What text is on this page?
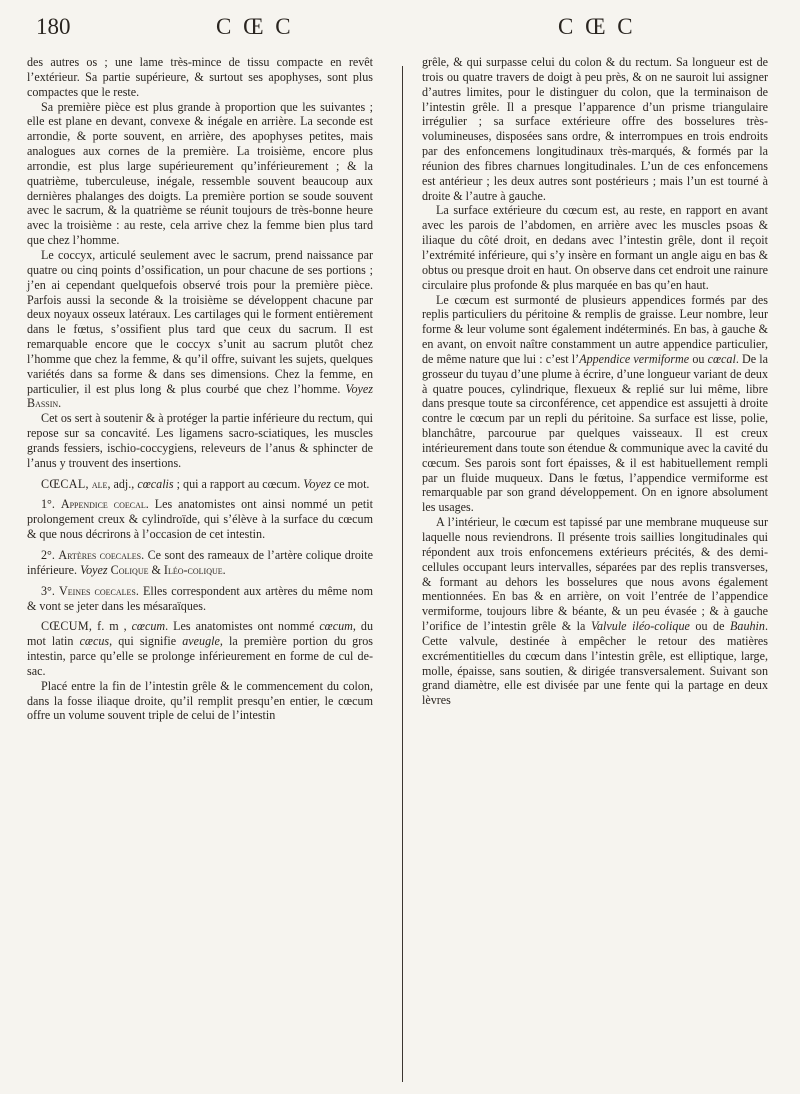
180	C Œ C	C Œ C

des autres os ; une lame très-mince de tissu compacte en revêt l’extérieur. Sa partie supérieure, & surtout ses apophyses, sont plus compactes que le reste.

Sa première pièce est plus grande à proportion que les suivantes ; elle est plane en devant, convexe & inégale en arrière. La seconde est arrondie, & porte souvent, en arrière, des apophyses petites, mais analogues aux cornes de la première. La troisième, encore plus arrondie, est plus large supérieurement qu’inférieurement ; & la quatrième, tuberculeuse, inégale, ressemble souvent beaucoup aux dernières phalanges des doigts. La première portion se soude souvent avec le sacrum, & la quatrième se réunit toujours de très-bonne heure avec la troisième : au reste, cela arrive chez la femme bien plus tard que chez l’homme.

Le coccyx, articulé seulement avec le sacrum, prend naissance par quatre ou cinq points d’ossification, un pour chacune de ses portions ; j’en ai cependant quelquefois observé trois pour la première pièce. Parfois aussi la seconde & la troisième se développent chacune par deux noyaux osseux latéraux. Les cartilages qui le forment entièrement dans le fœtus, s’ossifient plus tard que ceux du sacrum. Il est remarquable encore que le coccyx s’unit au sacrum plutôt chez l’homme que chez la femme, & qu’il offre, suivant les sujets, quelques variétés dans sa forme & dans ses dimensions. Chez la femme, en particulier, il est plus long & plus courbé que chez l’homme. Voyez Bassin.

Cet os sert à soutenir & à protéger la partie inférieure du rectum, qui repose sur sa concavité. Les ligamens sacro-sciatiques, les muscles grands fessiers, ischio-coccygiens, releveurs de l’anus & sphincter de l’anus y trouvent des insertions.

CŒCAL, ale, adj., cœcalis ; qui a rapport au cœcum. Voyez ce mot.

1°. Appendice coecal. Les anatomistes ont ainsi nommé un petit prolongement creux & cylindroïde, qui s’élève à la surface du cœcum & que nous décrirons à l’occasion de cet intestin.

2°. Artères coecales. Ce sont des rameaux de l’artère colique droite inférieure. Voyez Colique & Iléo-colique.

3°. Veines coecales. Elles correspondent aux artères du même nom & vont se jeter dans les mésaraïques.

CŒCUM, f. m , cœcum. Les anatomistes ont nommé cœcum, du mot latin cæcus, qui signifie aveugle, la première portion du gros intestin, parce qu’elle se prolonge inférieurement en forme de cul de-sac.

Placé entre la fin de l’intestin grêle & le commencement du colon, dans la fosse iliaque droite, qu’il remplit presqu’en entier, le cœcum offre un volume souvent triple de celui de l’intestin

grêle, & qui surpasse celui du colon & du rectum. Sa longueur est de trois ou quatre travers de doigt à peu près, & on ne sauroit lui assigner d’autres limites, pour le distinguer du colon, que la terminaison de l’intestin grêle. Il a presque l’apparence d’un prisme triangulaire irrégulier ; sa surface extérieure offre des bosselures très-volumineuses, disposées sans ordre, & interrompues en trois endroits par des enfoncemens longitudinaux très-marqués, & formés par la réunion des fibres charnues longitudinales. L’un de ces enfoncemens est antérieur ; les deux autres sont postérieurs ; mais l’un est tourné à droite & l’autre à gauche.

La surface extérieure du cœcum est, au reste, en rapport en avant avec les parois de l’abdomen, en arrière avec les muscles psoas & iliaque du côté droit, en dedans avec l’intestin grêle, dont il reçoit l’extrémité inférieure, qui s’y insère en formant un angle aigu en bas & obtus ou presque droit en haut. On observe dans cet endroit une rainure circulaire plus profonde & plus marquée en bas qu’en haut.

Le cœcum est surmonté de plusieurs appendices formés par des replis particuliers du péritoine & remplis de graisse. Leur nombre, leur forme & leur volume sont également indéterminés. En bas, à gauche & en avant, on envoit naître constamment un autre appendice particulier, de même nature que lui : c’est l’Appendice vermiforme ou cœcal. De la grosseur du tuyau d’une plume à écrire, d’une longueur variant de deux à quatre pouces, cylindrique, flexueux & replié sur lui même, libre dans presque toute sa circonférence, cet appendice est assujetti à droite contre le cœcum par un repli du péritoine. Sa surface est lisse, polie, blanchâtre, parcourue par quelques vaisseaux. Il est creux intérieurement dans toute son étendue & communique avec la cavité du cœcum. Ses parois sont fort épaisses, & il est habituellement rempli par un fluide muqueux. Dans le fœtus, l’appendice vermiforme est remarquable par son grand développement. On en ignore absolument les usages.

A l’intérieur, le cœcum est tapissé par une membrane muqueuse sur laquelle nous reviendrons. Il présente trois saillies longitudinales qui répondent aux trois enfoncemens extérieurs précités, & des demi-cellules occupant leurs intervalles, séparées par des replis transverses, & formant au dehors les bosselures que nous avons également mentionnées. En bas & en arrière, on voit l’entrée de l’appendice vermiforme, toujours libre & béante, & un peu évasée ; & à gauche l’orifice de l’intestin grêle & la Valvule iléo-colique ou de Bauhin. Cette valvule, destinée à empêcher le retour des matières excrémentitielles du cœcum dans l’intestin grêle, est elliptique, large, molle, épaisse, sans soutien, & dirigée transversalement. Suivant son grand diamètre, elle est divisée par une fente qui la partage en deux lèvres
